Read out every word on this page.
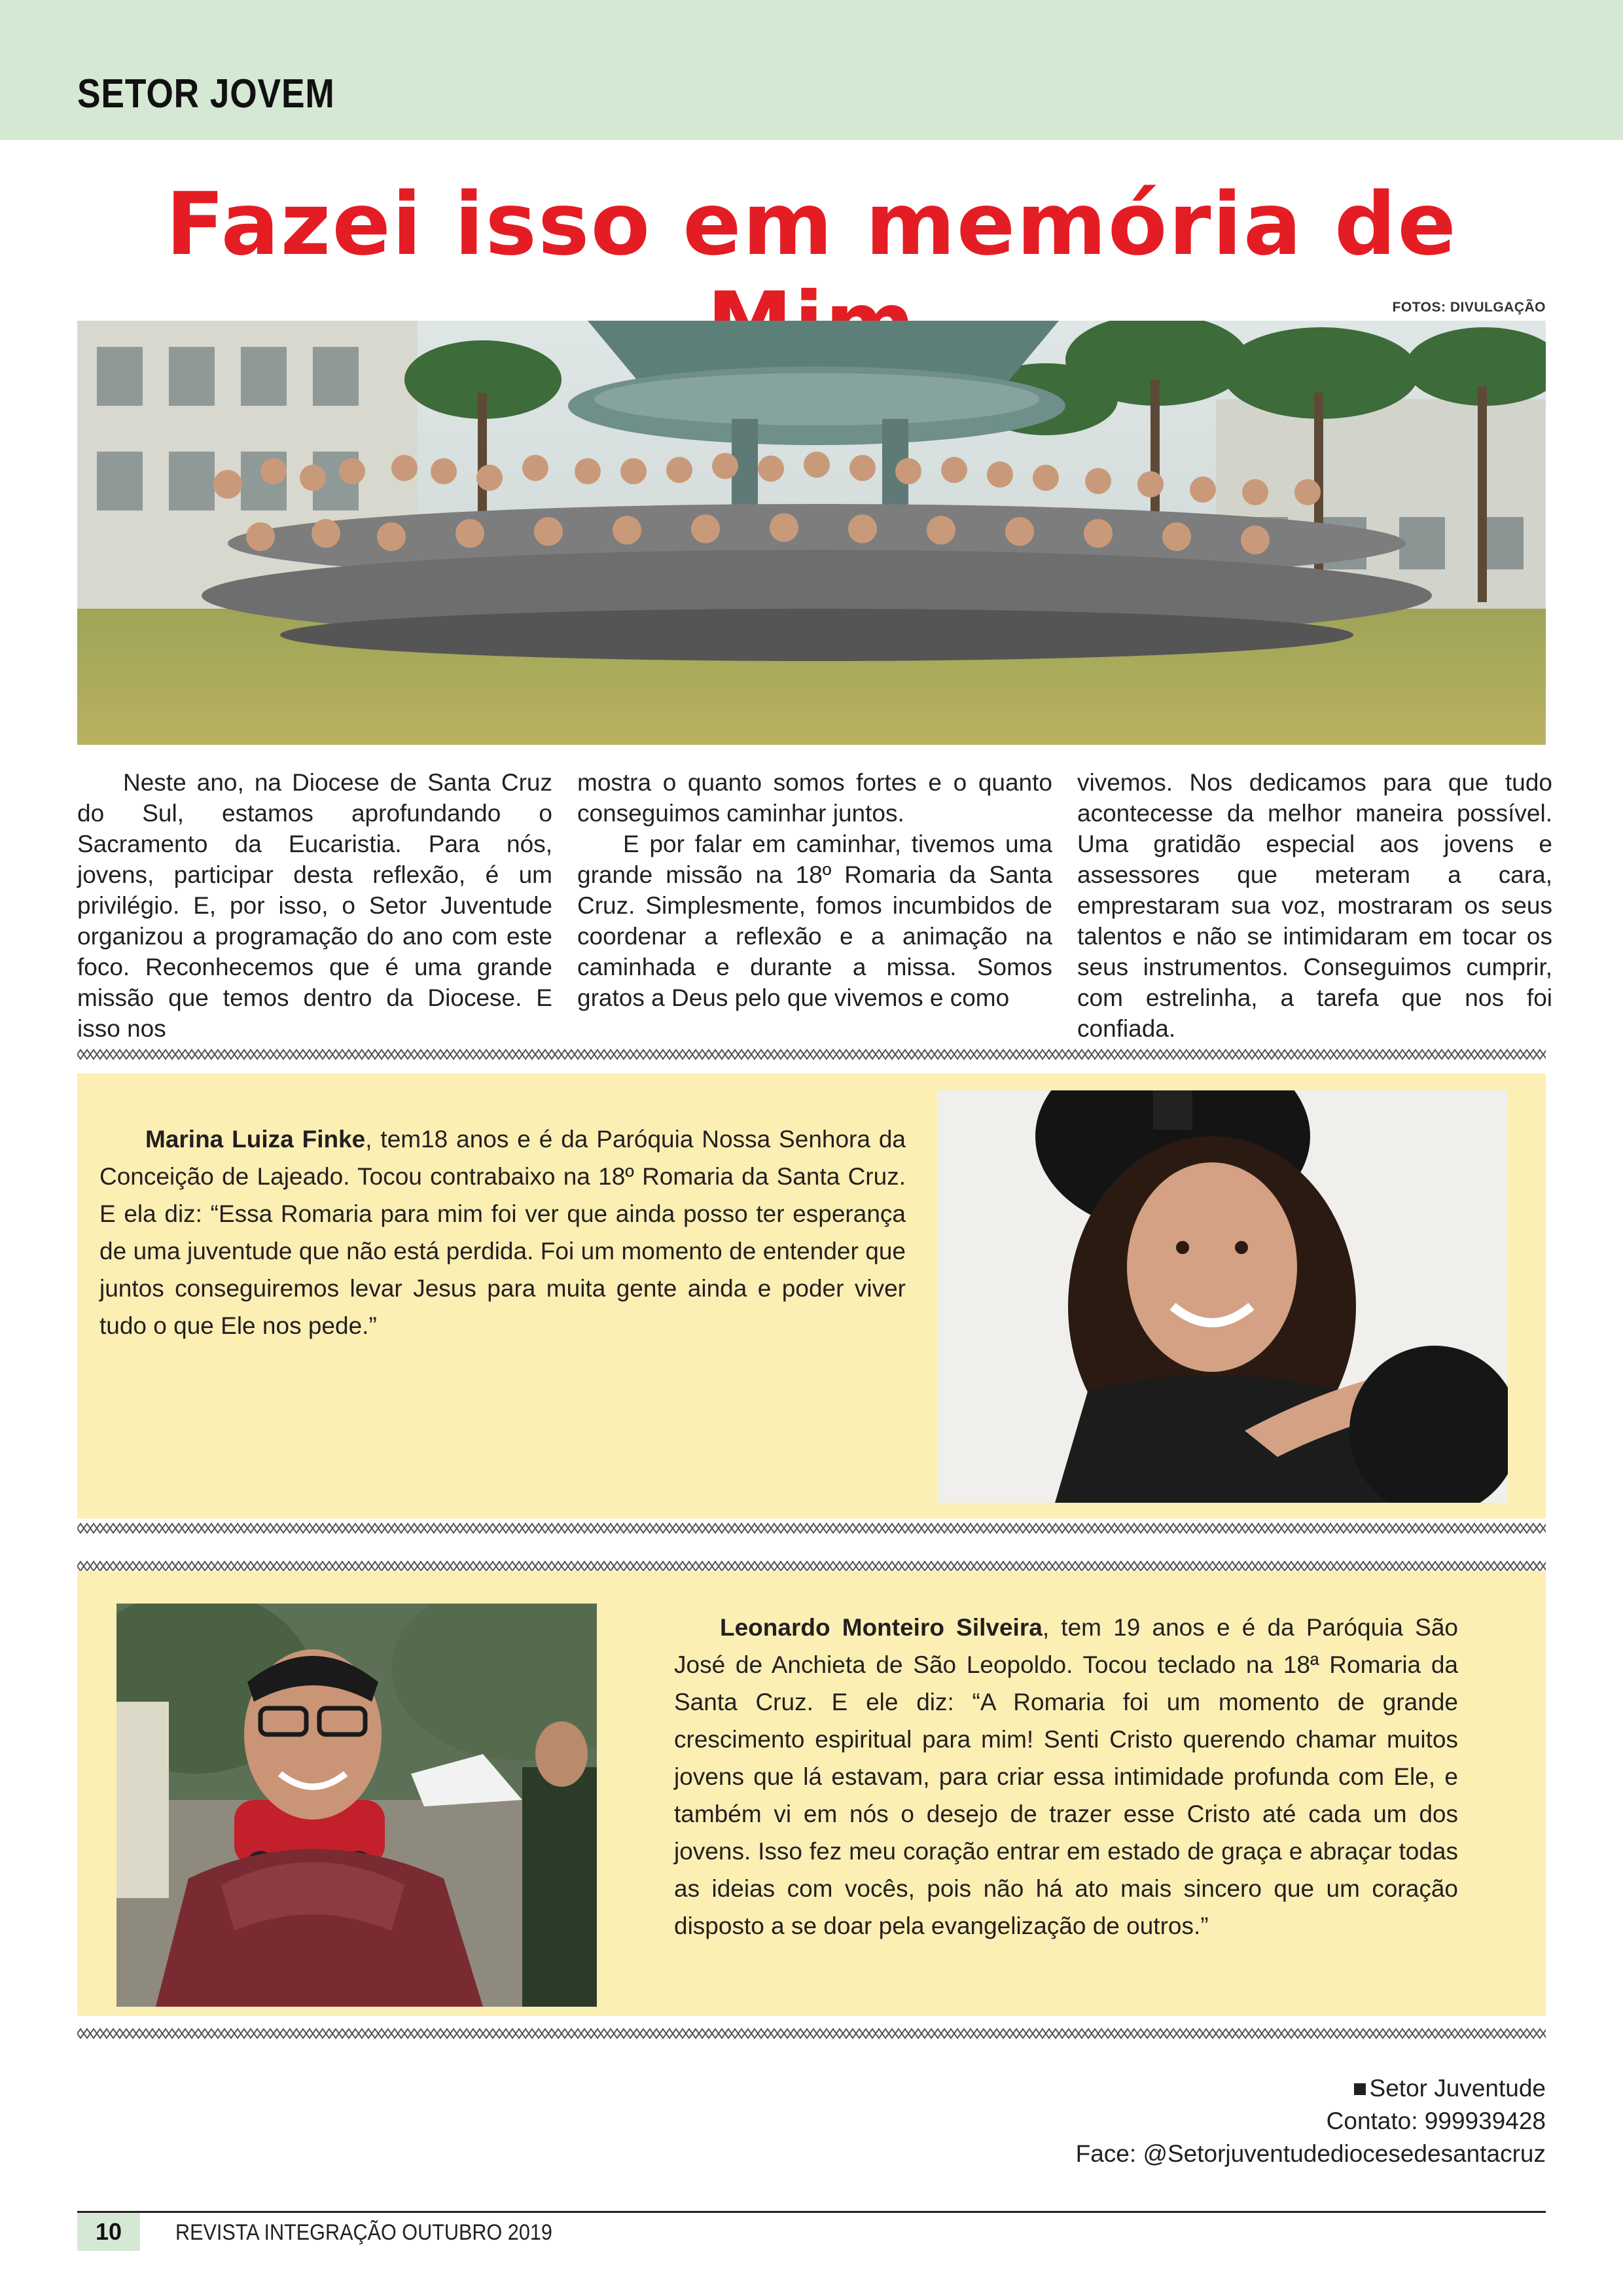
SETOR JOVEM
Fazei isso em memória de
FOTOS: DIVULGAÇÃO

Neste ano, na Diocese de Santa Cruz do Sul, estamos aprofundando o Sacramento da Eucaristia. Para nós, jovens, participar desta reflexão, é um privilégio. E, por isso, o Setor Juventude organizou a programação do ano com este foco. Reconhecemos que é uma grande missão que temos dentro da Diocese. E isso nos

mostra o quanto somos fortes e o quanto conseguimos caminhar juntos.

E por falar em caminhar, tivemos uma grande missão na 18º Romaria da Santa Cruz. Simplesmente, fomos incumbidos de coordenar a reflexão e a animação na caminhada e durante a missa. Somos gratos a Deus pelo que vivemos e como

vivemos. Nos dedicamos para que tudo acontecesse da melhor maneira possível. Uma gratidão especial aos jovens e assessores que meteram a cara, emprestaram sua voz, mostraram os seus talentos e não se intimidaram em tocar os seus instrumentos. Conseguimos cumprir, com estrelinha, a tarefa que nos foi confiada.

Marina Luiza Finke, tem18 anos e é da Paróquia Nossa Senhora da Conceição de Lajeado. Tocou contrabaixo na 18º Romaria da Santa Cruz. E ela diz: “Essa Romaria para mim foi ver que ainda posso ter esperança de uma juventude que não está perdida. Foi um momento de entender que juntos conseguiremos levar Jesus para muita gente ainda e poder viver tudo o que Ele nos pede.”

Leonardo Monteiro Silveira, tem 19 anos e é da Paróquia São José de Anchieta de São Leopoldo. Tocou teclado na 18ª Romaria da Santa Cruz. E ele diz: “A Romaria foi um momento de grande crescimento espiritual para mim! Senti Cristo querendo chamar muitos jovens que lá estavam, para criar essa intimidade profunda com Ele, e também vi em nós o desejo de trazer esse Cristo até cada um dos jovens. Isso fez meu coração entrar em estado de graça e abraçar todas as ideias com vocês, pois não há ato mais sincero que um coração disposto a se doar pela evangelização de outros.”

Setor Juventude
Contato: 999939428
Face: @Setorjuventudediocesedesantacruz
10	REVISTA INTEGRAÇÃO OUTUBRO 2019
